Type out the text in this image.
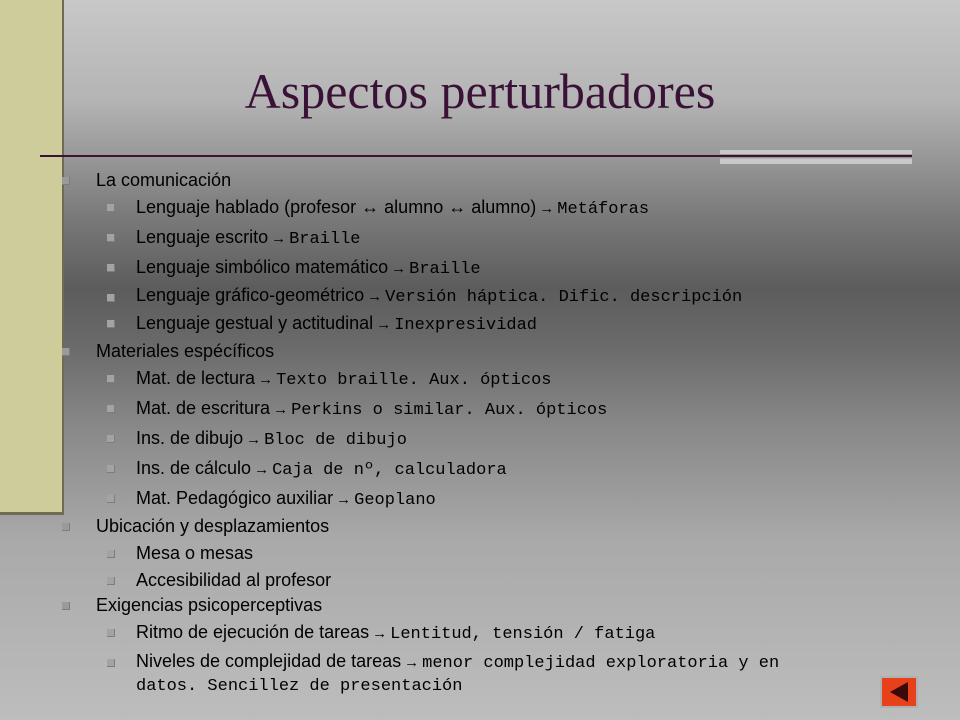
Aspectos perturbadores
La comunicación
Lenguaje hablado (profesor ↔ alumno ↔ alumno) → Metáforas
Lenguaje escrito → Braille
Lenguaje simbólico matemático → Braille
Lenguaje gráfico-geométrico → Versión háptica. Dific. descripción
Lenguaje gestual y actitudinal → Inexpresividad
Materiales espécíficos
Mat. de lectura → Texto braille. Aux. ópticos
Mat. de escritura → Perkins o similar. Aux. ópticos
Ins. de dibujo → Bloc de dibujo
Ins. de cálculo → Caja de nº, calculadora
Mat. Pedagógico auxiliar → Geoplano
Ubicación y desplazamientos
Mesa o mesas
Accesibilidad al profesor
Exigencias psicoperceptivas
Ritmo de ejecución de tareas → Lentitud, tensión / fatiga
Niveles de complejidad de tareas → menor complejidad exploratoria y en datos. Sencillez de presentación
